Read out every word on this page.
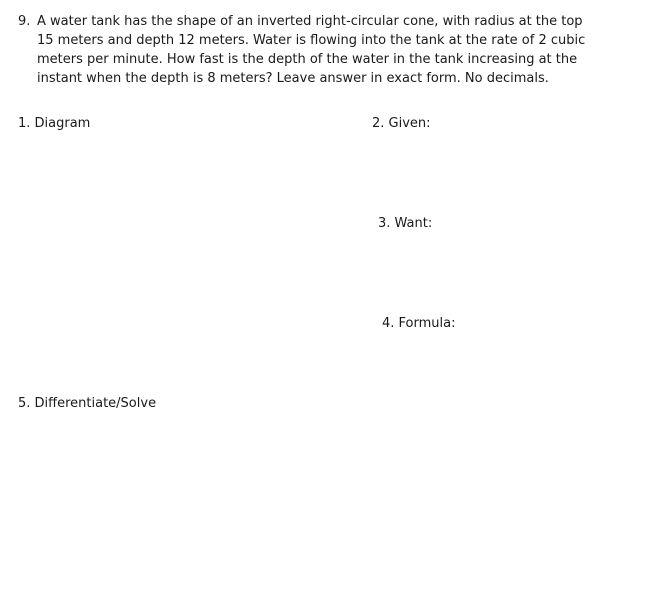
9. A water tank has the shape of an inverted right-circular cone, with radius at the top
15 meters and depth 12 meters. Water is flowing into the tank at the rate of 2 cubic
meters per minute. How fast is the depth of the water in the tank increasing at the
instant when the depth is 8 meters? Leave answer in exact form. No decimals.
1. Diagram	2. Given:
3. Want:
4. Formula:
5. Differentiate/Solve
